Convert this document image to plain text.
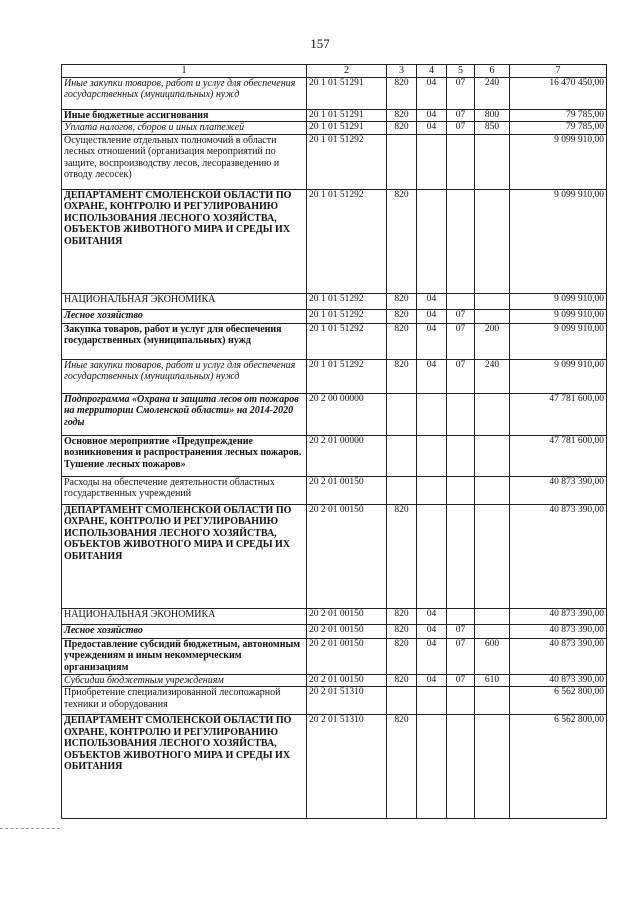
157
1	2	3	4	5	6	7
Иные закупки товаров, работ и услуг для обеспечения государственных (муниципальных) нужд	20 1 01 51291	820	04	07	240	16 470 450,00
Иные бюджетные ассигнования	20 1 01 51291	820	04	07	800	79 785,00
Уплата налогов, сборов и иных платежей	20 1 01 51291	820	04	07	850	79 785,00
Осуществление отдельных полномочий в области лесных отношений (организация мероприятий по защите, воспроизводству лесов, лесоразведению и отводу лесосек)	20 1 01 51292					9 099 910,00
ДЕПАРТАМЕНТ СМОЛЕНСКОЙ ОБЛАСТИ ПО ОХРАНЕ, КОНТРОЛЮ И РЕГУЛИРОВАНИЮ ИСПОЛЬЗОВАНИЯ ЛЕСНОГО ХОЗЯЙСТВА, ОБЪЕКТОВ ЖИВОТНОГО МИРА И СРЕДЫ ИХ ОБИТАНИЯ	20 1 01 51292	820				9 099 910,00
НАЦИОНАЛЬНАЯ ЭКОНОМИКА	20 1 01 51292	820	04			9 099 910,00
Лесное хозяйство	20 1 01 51292	820	04	07		9 099 910,00
Закупка товаров, работ и услуг для обеспечения государственных (муниципальных) нужд	20 1 01 51292	820	04	07	200	9 099 910,00
Иные закупки товаров, работ и услуг для обеспечения государственных (муниципальных) нужд	20 1 01 51292	820	04	07	240	9 099 910,00
Подпрограмма «Охрана и защита лесов от пожаров на территории Смоленской области» на 2014-2020 годы	20 2 00 00000					47 781 600,00
Основное мероприятие «Предупреждение возникновения и распространения лесных пожаров. Тушение лесных пожаров»	20 2 01 00000					47 781 600,00
Расходы на обеспечение деятельности областных государственных учреждений	20 2 01 00150					40 873 390,00
ДЕПАРТАМЕНТ СМОЛЕНСКОЙ ОБЛАСТИ ПО ОХРАНЕ, КОНТРОЛЮ И РЕГУЛИРОВАНИЮ ИСПОЛЬЗОВАНИЯ ЛЕСНОГО ХОЗЯЙСТВА, ОБЪЕКТОВ ЖИВОТНОГО МИРА И СРЕДЫ ИХ ОБИТАНИЯ	20 2 01 00150	820				40 873 390,00
НАЦИОНАЛЬНАЯ ЭКОНОМИКА	20 2 01 00150	820	04			40 873 390,00
Лесное хозяйство	20 2 01 00150	820	04	07		40 873 390,00
Предоставление субсидий бюджетным, автономным учреждениям и иным некоммерческим организациям	20 2 01 00150	820	04	07	600	40 873 390,00
Субсидии бюджетным учреждениям	20 2 01 00150	820	04	07	610	40 873 390,00
Приобретение специализированной лесопожарной техники и оборудования	20 2 01 51310					6 562 800,00
ДЕПАРТАМЕНТ СМОЛЕНСКОЙ ОБЛАСТИ ПО ОХРАНЕ, КОНТРОЛЮ И РЕГУЛИРОВАНИЮ ИСПОЛЬЗОВАНИЯ ЛЕСНОГО ХОЗЯЙСТВА, ОБЪЕКТОВ ЖИВОТНОГО МИРА И СРЕДЫ ИХ ОБИТАНИЯ	20 2 01 51310	820				6 562 800,00
